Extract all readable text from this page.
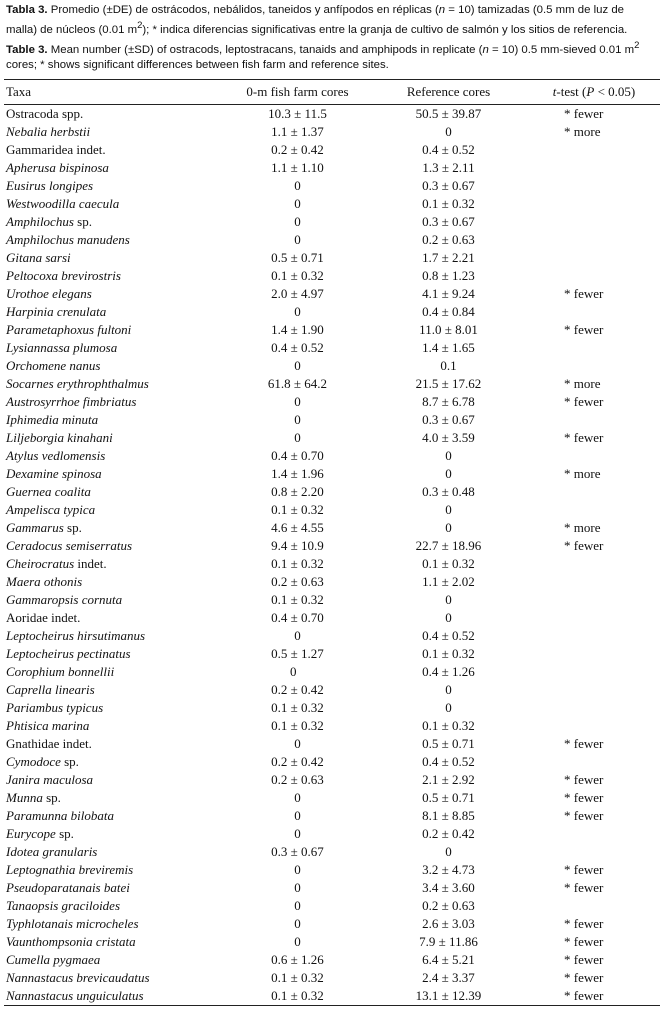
Tabla 3. Promedio (±DE) de ostrácodos, nebálidos, taneidos y anfípodos en réplicas (n = 10) tamizadas (0.5 mm de luz de malla) de núcleos (0.01 $m^2$); * indica diferencias significativas entre la granja de cultivo de salmón y los sitios de referencia.

Table 3. Mean number (±SD) of ostracods, leptostracans, tanaids and amphipods in replicate (n = 10) 0.5 mm-sieved 0.01 $m^2$ cores; * shows significant differences between fish farm and reference sites.

Taxa	0-m fish farm cores	Reference cores	t-test (P < 0.05)
Ostracoda spp.	10.3 ± 11.5	50.5 ± 39.87	* fewer
Nebalia herbstii	1.1 ± 1.37	0	* more
Gammaridea indet.	0.2 ± 0.42	0.4 ± 0.52	
Apherusa bispinosa	1.1 ± 1.10	1.3 ± 2.11	
Eusirus longipes	0	0.3 ± 0.67	
Westwoodilla caecula	0	0.1 ± 0.32	
Amphilochus sp.	0	0.3 ± 0.67	
Amphilochus manudens	0	0.2 ± 0.63	
Gitana sarsi	0.5 ± 0.71	1.7 ± 2.21	
Peltocoxa brevirostris	0.1 ± 0.32	0.8 ± 1.23	
Urothoe elegans	2.0 ± 4.97	4.1 ± 9.24	* fewer
Harpinia crenulata	0	0.4 ± 0.84	
Parametaphoxus fultoni	1.4 ± 1.90	11.0 ± 8.01	* fewer
Lysiannassa plumosa	0.4 ± 0.52	1.4 ± 1.65	
Orchomene nanus	0	0.1	
Socarnes erythrophthalmus	61.8 ± 64.2	21.5 ± 17.62	* more
Austrosyrrhoe fimbriatus	0	8.7 ± 6.78	* fewer
Iphimedia minuta	0	0.3 ± 0.67	
Liljeborgia kinahani	0	4.0 ± 3.59	* fewer
Atylus vedlomensis	0.4 ± 0.70	0	
Dexamine spinosa	1.4 ± 1.96	0	* more
Guernea coalita	0.8 ± 2.20	0.3 ± 0.48	
Ampelisca typica	0.1 ± 0.32	0	
Gammarus sp.	4.6 ± 4.55	0	* more
Ceradocus semiserratus	9.4 ± 10.9	22.7 ± 18.96	* fewer
Cheirocratus indet.	0.1 ± 0.32	0.1 ± 0.32	
Maera othonis	0.2 ± 0.63	1.1 ± 2.02	
Gammaropsis cornuta	0.1 ± 0.32	0	
Aoridae indet.	0.4 ± 0.70	0	
Leptocheirus hirsutimanus	0	0.4 ± 0.52	
Leptocheirus pectinatus	0.5 ± 1.27	0.1 ± 0.32	
Corophium bonnellii	0	0.4 ± 1.26	
Caprella linearis	0.2 ± 0.42	0	
Pariambus typicus	0.1 ± 0.32	0	
Phtisica marina	0.1 ± 0.32	0.1 ± 0.32	
Gnathidae indet.	0	0.5 ± 0.71	* fewer
Cymodoce sp.	0.2 ± 0.42	0.4 ± 0.52	
Janira maculosa	0.2 ± 0.63	2.1 ± 2.92	* fewer
Munna sp.	0	0.5 ± 0.71	* fewer
Paramunna bilobata	0	8.1 ± 8.85	* fewer
Eurycope sp.	0	0.2 ± 0.42	
Idotea granularis	0.3 ± 0.67	0	
Leptognathia breviremis	0	3.2 ± 4.73	* fewer
Pseudoparatanais batei	0	3.4 ± 3.60	* fewer
Tanaopsis graciloides	0	0.2 ± 0.63	
Typhlotanais microcheles	0	2.6 ± 3.03	* fewer
Vaunthompsonia cristata	0	7.9 ± 11.86	* fewer
Cumella pygmaea	0.6 ± 1.26	6.4 ± 5.21	* fewer
Nannastacus brevicaudatus	0.1 ± 0.32	2.4 ± 3.37	* fewer
Nannastacus unguiculatus	0.1 ± 0.32	13.1 ± 12.39	* fewer
